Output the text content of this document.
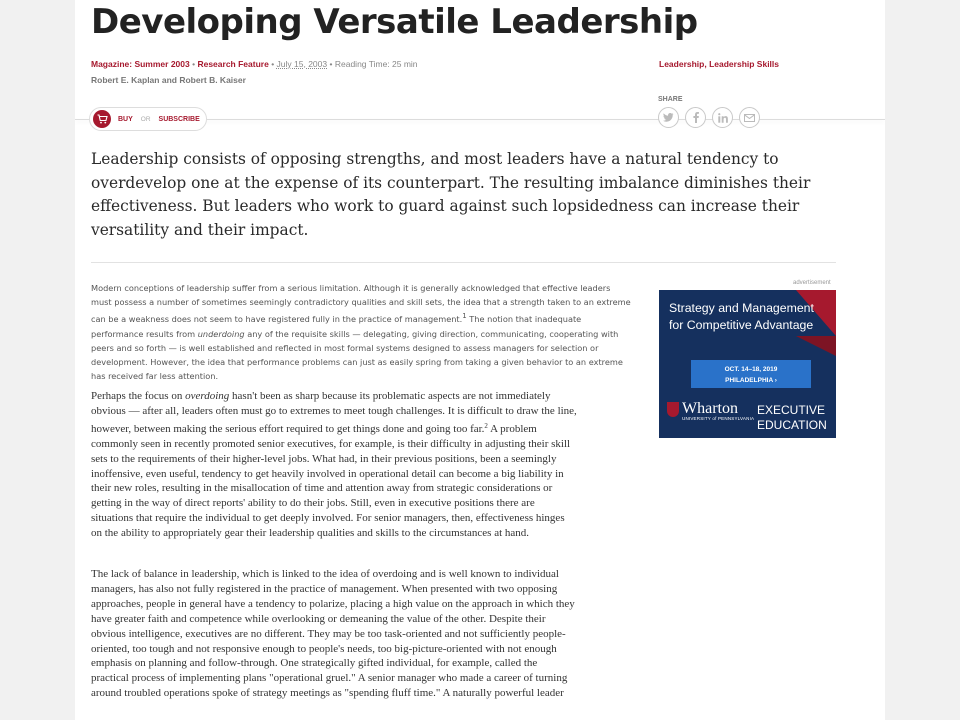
Developing Versatile Leadership
Magazine: Summer 2003 • Research Feature • July 15, 2003 • Reading Time: 25 min
Robert E. Kaplan and Robert B. Kaiser
Leadership, Leadership Skills
BUY OR SUBSCRIBE
SHARE

Leadership consists of opposing strengths, and most leaders have a natural tendency to overdevelop one at the expense of its counterpart. The resulting imbalance diminishes their effectiveness. But leaders who work to guard against such lopsidedness can increase their versatility and their impact.

Modern conceptions of leadership suffer from a serious limitation. Although it is generally acknowledged that effective leaders must possess a number of sometimes seemingly contradictory qualities and skill sets, the idea that a strength taken to an extreme can be a weakness does not seem to have registered fully in the practice of management.$^1$ The notion that inadequate performance results from underdoing any of the requisite skills — delegating, giving direction, communicating, cooperating with peers and so forth — is well established and reflected in most formal systems designed to assess managers for selection or development. However, the idea that performance problems can just as easily spring from taking a given behavior to an extreme has received far less attention.

Perhaps the focus on overdoing hasn't been as sharp because its problematic aspects are not immediately obvious — after all, leaders often must go to extremes to meet tough challenges. It is difficult to draw the line, however, between making the serious effort required to get things done and going too far.$^2$ A problem commonly seen in recently promoted senior executives, for example, is their difficulty in adjusting their skill sets to the requirements of their higher-level jobs. What had, in their previous positions, been a seemingly inoffensive, even useful, tendency to get heavily involved in operational detail can become a big liability in their new roles, resulting in the misallocation of time and attention away from strategic considerations or getting in the way of direct reports' ability to do their jobs. Still, even in executive positions there are situations that require the individual to get deeply involved. For senior managers, then, effectiveness hinges on the ability to appropriately gear their leadership qualities and skills to the circumstances at hand.

The lack of balance in leadership, which is linked to the idea of overdoing and is well known to individual managers, has also not fully registered in the practice of management. When presented with two opposing approaches, people in general have a tendency to polarize, placing a high value on the approach in which they have greater faith and competence while overlooking or demeaning the value of the other. Despite their obvious intelligence, executives are no different. They may be too task-oriented and not sufficiently people-oriented, too tough and not responsive enough to people's needs, too big-picture-oriented with not enough emphasis on planning and follow-through. One strategically gifted individual, for example, called the practical process of implementing plans "operational gruel." A senior manager who made a career of turning around troubled operations spoke of strategy meetings as "spending fluff time." A naturally powerful leader

advertisement
Strategy and Management for Competitive Advantage
OCT. 14–18, 2019
PHILADELPHIA ›
Wharton
UNIVERSITY of PENNSYLVANIA
EXECUTIVE
EDUCATION
